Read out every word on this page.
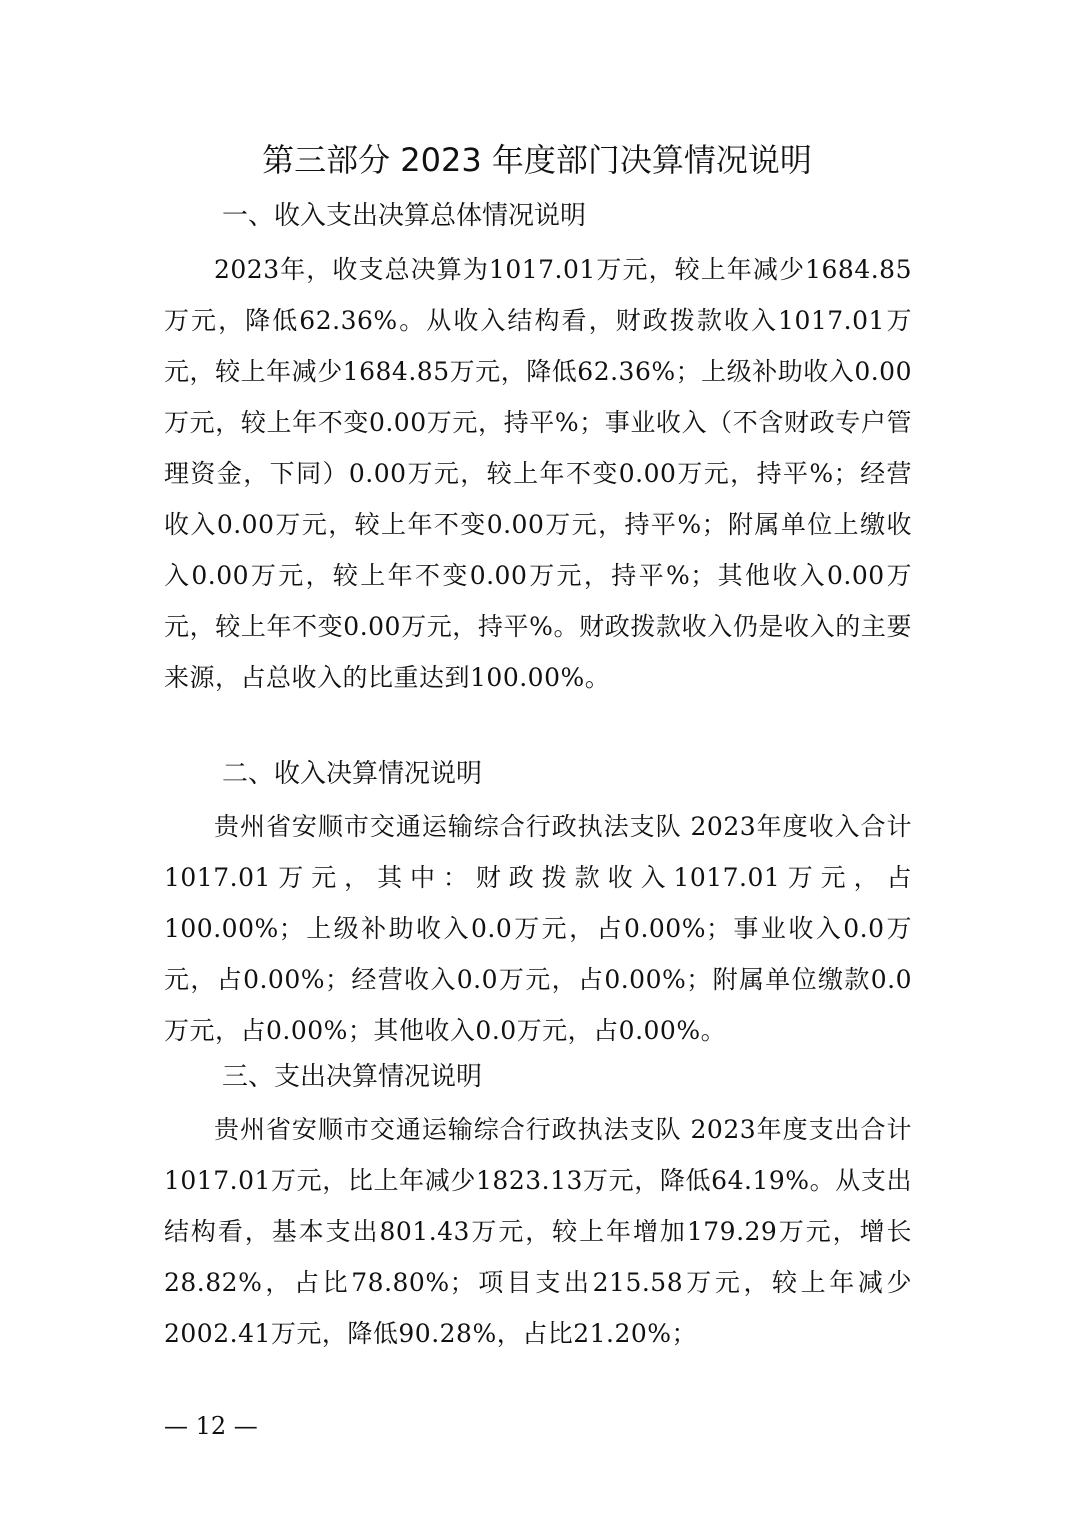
第三部分 2023 年度部门决算情况说明
一、收入支出决算总体情况说明

2023年，收支总决算为1017.01万元，较上年减少1684.85万元，降低62.36%。从收入结构看，财政拨款收入1017.01万元，较上年减少1684.85万元，降低62.36%；上级补助收入0.00万元，较上年不变0.00万元，持平%；事业收入（不含财政专户管理资金，下同）0.00万元，较上年不变0.00万元，持平%；经营收入0.00万元，较上年不变0.00万元，持平%；附属单位上缴收入0.00万元，较上年不变0.00万元，持平%；其他收入0.00万元，较上年不变0.00万元，持平%。财政拨款收入仍是收入的主要来源，占总收入的比重达到100.00%。

二、收入决算情况说明

贵州省安顺市交通运输综合行政执法支队 2023年度收入合计1017.01万元，其中：财政拨款收入1017.01万元，占100.00%；上级补助收入0.0万元，占0.00%；事业收入0.0万元，占0.00%；经营收入0.0万元，占0.00%；附属单位缴款0.0 万元，占0.00%；其他收入0.0万元，占0.00%。

三、支出决算情况说明

贵州省安顺市交通运输综合行政执法支队 2023年度支出合计1017.01万元，比上年减少1823.13万元，降低64.19%。从支出结构看，基本支出801.43万元，较上年增加179.29万元，增长28.82%，占比78.80%；项目支出215.58万元，较上年减少2002.41万元，降低90.28%，占比21.20%；

— 12 —
